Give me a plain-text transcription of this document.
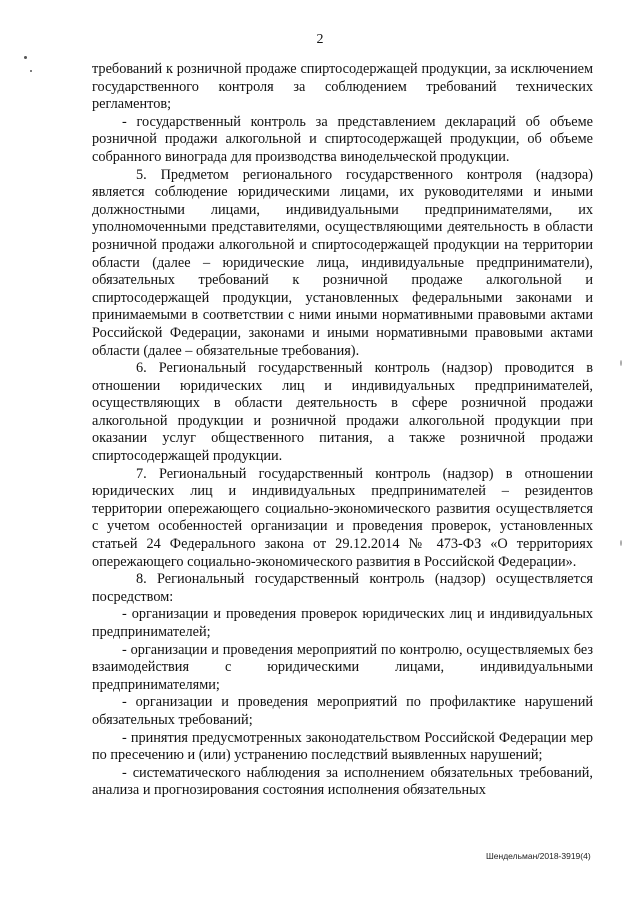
2

требований к розничной продаже спиртосодержащей продукции, за исключением государственного контроля за соблюдением требований технических регламентов;

- государственный контроль за представлением деклараций об объеме розничной продажи алкогольной и спиртосодержащей продукции, об объеме собранного винограда для производства винодельческой продукции.

5. Предметом регионального государственного контроля (надзора) является соблюдение юридическими лицами, их руководителями и иными должностными лицами, индивидуальными предпринимателями, их уполномоченными представителями, осуществляющими деятельность в области розничной продажи алкогольной и спиртосодержащей продукции на территории области (далее – юридические лица, индивидуальные предприниматели), обязательных требований к розничной продаже алкогольной и спиртосодержащей продукции, установленных федеральными законами и принимаемыми в соответствии с ними иными нормативными правовыми актами Российской Федерации, законами и иными нормативными правовыми актами области (далее – обязательные требования).

6. Региональный государственный контроль (надзор) проводится в отношении юридических лиц и индивидуальных предпринимателей, осуществляющих в области деятельность в сфере розничной продажи алкогольной продукции и розничной продажи алкогольной продукции при оказании услуг общественного питания, а также розничной продажи спиртосодержащей продукции.

7. Региональный государственный контроль (надзор) в отношении юридических лиц и индивидуальных предпринимателей – резидентов территории опережающего социально-экономического развития осуществляется с учетом особенностей организации и проведения проверок, установленных статьей 24 Федерального закона от 29.12.2014 № 473-ФЗ «О территориях опережающего социально-экономического развития в Российской Федерации».

8. Региональный государственный контроль (надзор) осуществляется посредством:

- организации и проведения проверок юридических лиц и индивидуальных предпринимателей;

- организации и проведения мероприятий по контролю, осуществляемых без взаимодействия с юридическими лицами, индивидуальными предпринимателями;

- организации и проведения мероприятий по профилактике нарушений обязательных требований;

- принятия предусмотренных законодательством Российской Федерации мер по пресечению и (или) устранению последствий выявленных нарушений;

- систематического наблюдения за исполнением обязательных требований, анализа и прогнозирования состояния исполнения обязательных

Шендельман/2018-3919(4)
